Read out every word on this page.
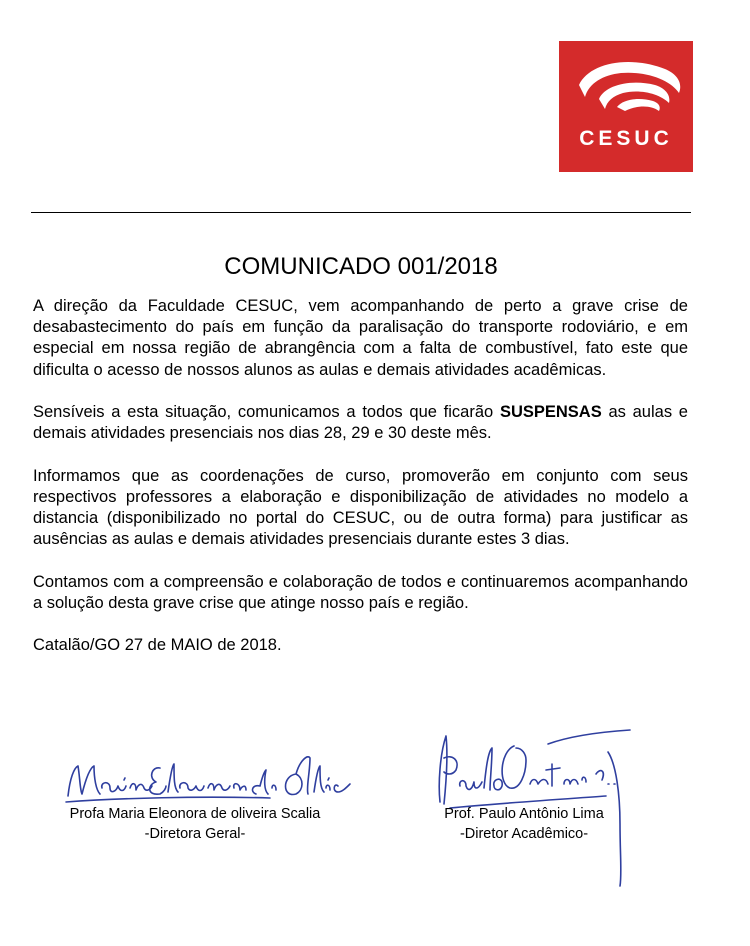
CESUC
COMUNICADO 001/2018

A direção da Faculdade CESUC, vem acompanhando de perto a grave crise de desabastecimento do país em função da paralisação do transporte rodoviário, e em especial em nossa região de abrangência com a falta de combustível, fato este que dificulta o acesso de nossos alunos as aulas e demais atividades acadêmicas.

Sensíveis a esta situação, comunicamos a todos que ficarão SUSPENSAS as aulas e demais atividades presenciais nos dias 28, 29 e 30 deste mês.

Informamos que as coordenações de curso, promoverão em conjunto com seus respectivos professores a elaboração e disponibilização de atividades no modelo a distancia (disponibilizado no portal do CESUC, ou de outra forma) para justificar as ausências as aulas e demais atividades presenciais durante estes 3 dias.

Contamos com a compreensão e colaboração de todos e continuaremos acompanhando a solução desta grave crise que atinge nosso país e região.

Catalão/GO 27 de MAIO de 2018.

Profa Maria Eleonora de oliveira Scalia
-Diretora Geral-
Prof. Paulo Antônio Lima
-Diretor Acadêmico-
